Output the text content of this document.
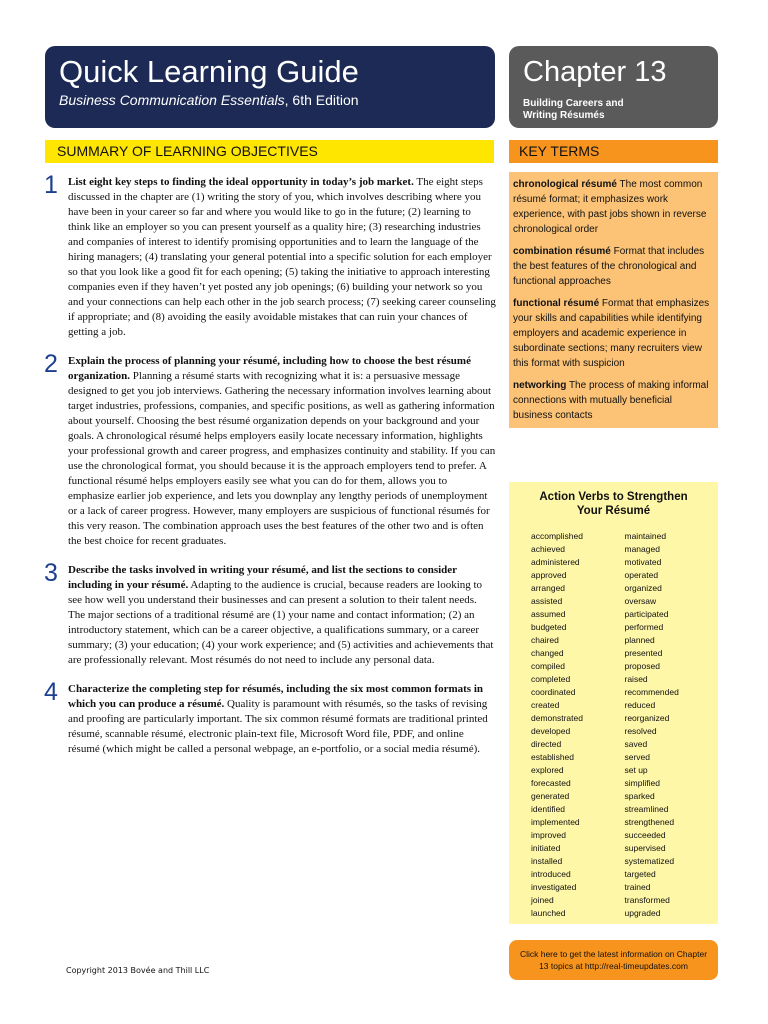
Quick Learning Guide
Business Communication Essentials, 6th Edition
Chapter 13
Building Careers and
Writing Résumés
SUMMARY OF LEARNING OBJECTIVES	KEY TERMS
1 List eight key steps to finding the ideal opportunity in today’s job market. The eight steps discussed in the chapter are (1) writing the story of you, which involves describing where you have been in your career so far and where you would like to go in the future; (2) learning to think like an employer so you can present yourself as a quality hire; (3) researching industries and companies of interest to identify promising opportunities and to learn the language of the hiring managers; (4) translating your general potential into a specific solution for each employer so that you look like a good fit for each opening; (5) taking the initiative to approach interesting companies even if they haven’t yet posted any job openings; (6) building your network so you and your connections can help each other in the job search process; (7) seeking career counseling if appropriate; and (8) avoiding the easily avoidable mistakes that can ruin your chances of getting a job.

2 Explain the process of planning your résumé, including how to choose the best résumé organization. Planning a résumé starts with recognizing what it is: a persuasive message designed to get you job interviews. Gathering the necessary information involves learning about target industries, professions, companies, and specific positions, as well as gathering information about yourself. Choosing the best résumé organization depends on your background and your goals. A chronological résumé helps employers easily locate necessary information, highlights your professional growth and career progress, and emphasizes continuity and stability. If you can use the chronological format, you should because it is the approach employers tend to prefer. A functional résumé helps employers easily see what you can do for them, allows you to emphasize earlier job experience, and lets you downplay any lengthy periods of unemployment or a lack of career progress. However, many employers are suspicious of functional résumés for this very reason. The combination approach uses the best features of the other two and is often the best choice for recent graduates.

3 Describe the tasks involved in writing your résumé, and list the sections to consider including in your résumé. Adapting to the audience is crucial, because readers are looking to see how well you understand their businesses and can present a solution to their talent needs. The major sections of a traditional résumé are (1) your name and contact information; (2) an introductory statement, which can be a career objective, a qualifications summary, or a career summary; (3) your education; (4) your work experience; and (5) activities and achievements that are professionally relevant. Most résumés do not need to include any personal data.

4 Characterize the completing step for résumés, including the six most common formats in which you can produce a résumé. Quality is paramount with résumés, so the tasks of revising and proofing are particularly important. The six common résumé formats are traditional printed résumé, scannable résumé, electronic plain-text file, Microsoft Word file, PDF, and online résumé (which might be called a personal webpage, an e-portfolio, or a social media résumé).

chronological résumé The most common résumé format; it emphasizes work experience, with past jobs shown in reverse chronological order

combination résumé Format that includes the best features of the chronological and functional approaches

functional résumé Format that emphasizes your skills and capabilities while identifying employers and academic experience in subordinate sections; many recruiters view this format with suspicion

networking The process of making informal connections with mutually beneficial business contacts

Action Verbs to Strengthen
Your Résumé
accomplished
achieved
administered
approved
arranged
assisted
assumed
budgeted
chaired
changed
compiled
completed
coordinated
created
demonstrated
developed
directed
established
explored
forecasted
generated
identified
implemented
improved
initiated
installed
introduced
investigated
joined
launched
maintained
managed
motivated
operated
organized
oversaw
participated
performed
planned
presented
proposed
raised
recommended
reduced
reorganized
resolved
saved
served
set up
simplified
sparked
streamlined
strengthened
succeeded
supervised
systematized
targeted
trained
transformed
upgraded
Click here to get the latest information on Chapter
13 topics at http://real-timeupdates.com
Copyright 2013 Bovée and Thill LLC
